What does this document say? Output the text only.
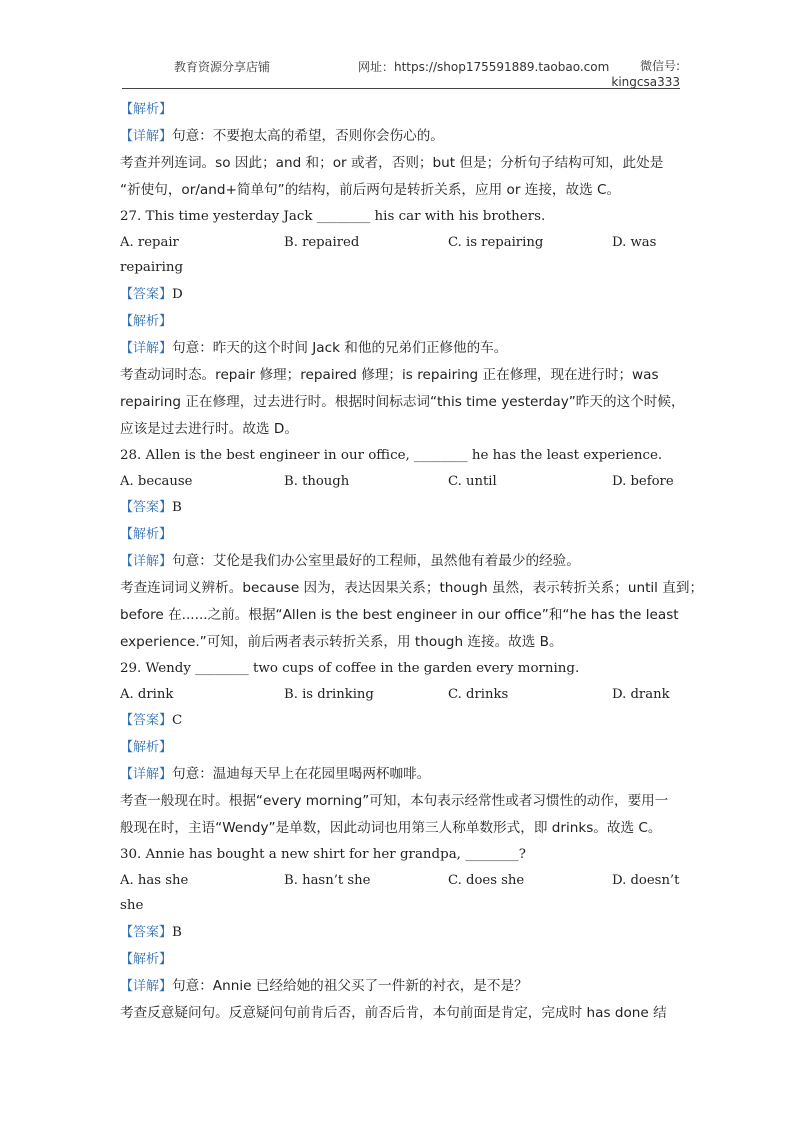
教育资源分享店铺	网址：https://shop175591889.taobao.com	微信号:
kingcsa333
【解析】
【详解】句意：不要抱太高的希望，否则你会伤心的。
考查并列连词。so 因此；and 和；or 或者，否则；but 但是；分析句子结构可知，此处是
“祈使句，or/and+简单句”的结构，前后两句是转折关系，应用 or 连接，故选 C。
27. This time yesterday Jack ________ his car with his brothers.
A. repair	B. repaired	C. is repairing	D. was
repairing
【答案】D
【解析】
【详解】句意：昨天的这个时间 Jack 和他的兄弟们正修他的车。
考查动词时态。repair 修理；repaired 修理；is repairing 正在修理，现在进行时；was
repairing 正在修理，过去进行时。根据时间标志词“this time yesterday”昨天的这个时候，
应该是过去进行时。故选 D。
28. Allen is the best engineer in our office, ________ he has the least experience.
A. because	B. though	C. until	D. before
【答案】B
【解析】
【详解】句意：艾伦是我们办公室里最好的工程师，虽然他有着最少的经验。
考查连词词义辨析。because 因为，表达因果关系；though 虽然，表示转折关系；until 直到；
before 在......之前。根据“Allen is the best engineer in our office”和“he has the least
experience.”可知，前后两者表示转折关系，用 though 连接。故选 B。
29. Wendy ________ two cups of coffee in the garden every morning.
A. drink	B. is drinking	C. drinks	D. drank
【答案】C
【解析】
【详解】句意：温迪每天早上在花园里喝两杯咖啡。
考查一般现在时。根据“every morning”可知，本句表示经常性或者习惯性的动作，要用一
般现在时，主语“Wendy”是单数，因此动词也用第三人称单数形式，即 drinks。故选 C。
30. Annie has bought a new shirt for her grandpa, ________?
A. has she	B. hasn’t she	C. does she	D. doesn’t
she
【答案】B
【解析】
【详解】句意：Annie 已经给她的祖父买了一件新的衬衣，是不是？
考查反意疑问句。反意疑问句前肯后否，前否后肯，本句前面是肯定，完成时 has done 结
